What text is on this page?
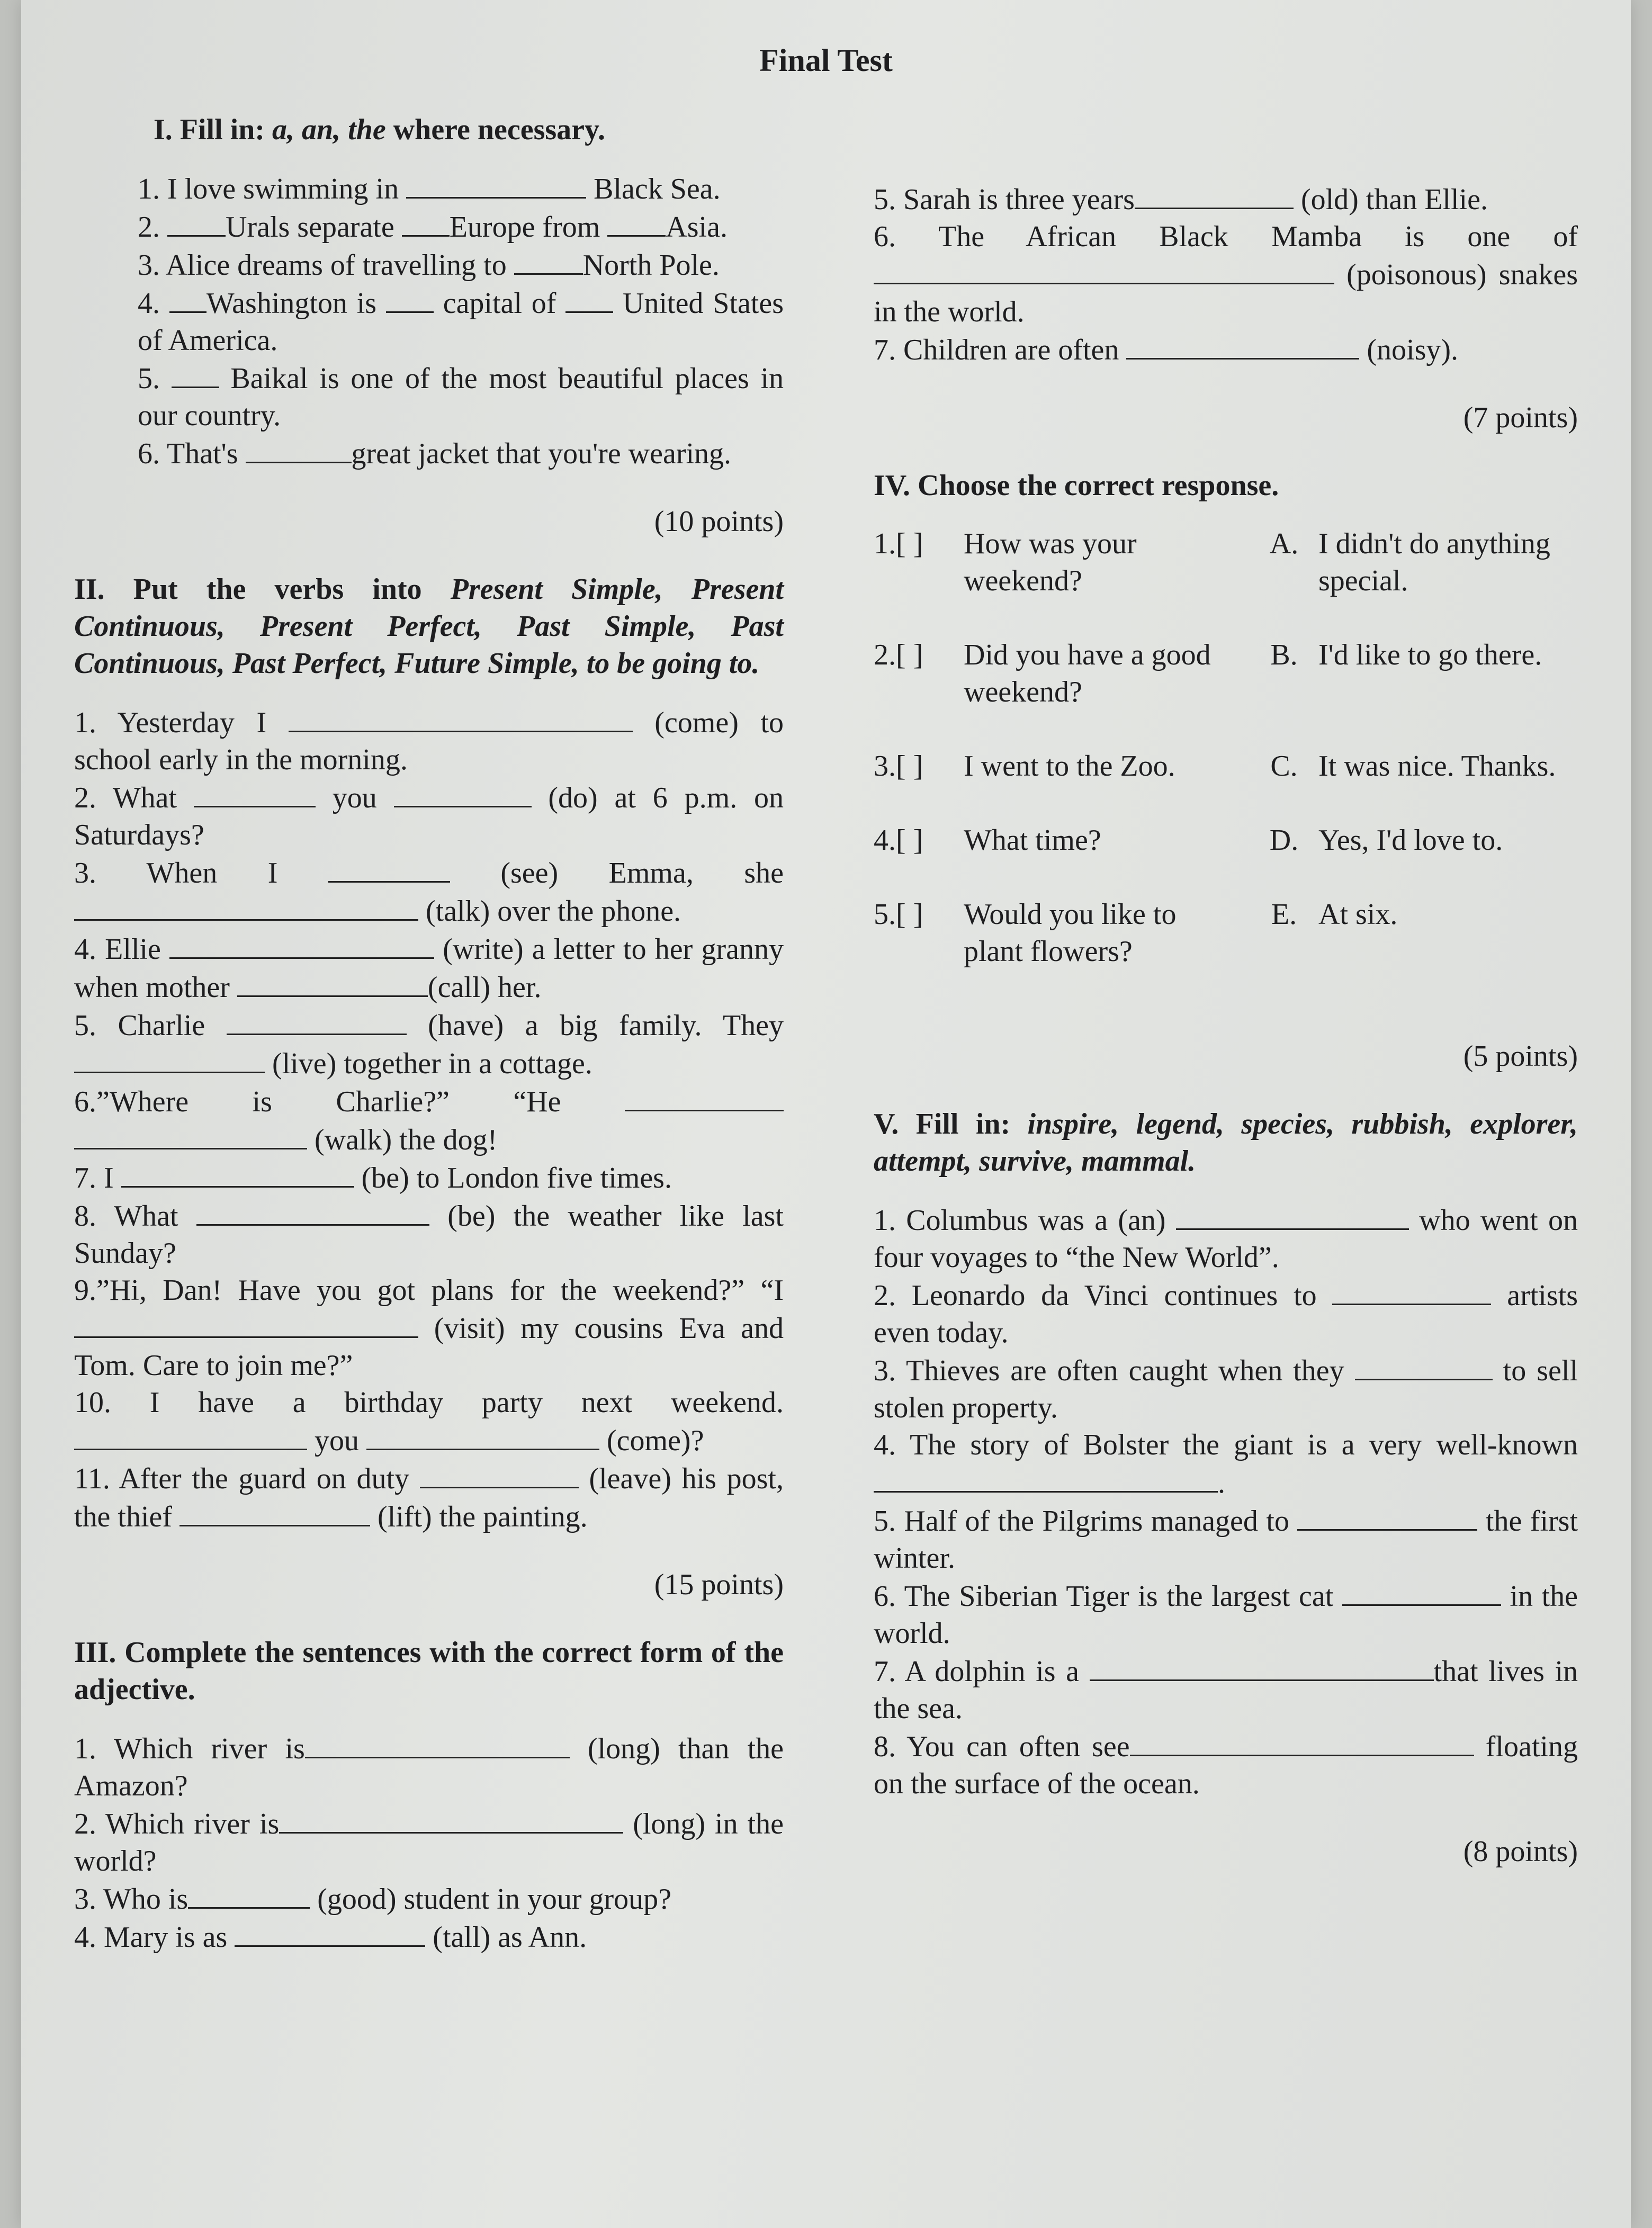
Final Test

I. Fill in: a, an, the where necessary.

1. I love swimming in	Black Sea.

2. Urals separate Europe from Asia.

3. Alice dreams of travelling to North Pole.

4. Washington is  capital of  United States of America.

5.  Baikal is one of the most beautiful places in our country.

6. That's	great jacket that you're wearing.

(10 points)

II. Put the verbs into Present Simple, Present Continuous, Present Perfect, Past Simple, Past Continuous, Past Perfect, Future Simple, to be going to.

1. Yesterday I	(come) to school early in the morning.

2. What	you	(do) at 6 p.m. on Saturdays?

3. When I	(see) Emma, she  (talk) over the phone.

4. Ellie	(write) a letter to her granny when mother	(call) her.

5. Charlie	(have) a big family. They  (live) together in a cottage.

6.”Where is Charlie?” “He   (walk) the dog!

7. I	(be) to London five times.

8. What	(be) the weather like last Sunday?

9.”Hi, Dan! Have you got plans for the weekend?” “I  (visit) my cousins Eva and Tom. Care to join me?”

10. I have a birthday party next weekend.  you	(come)?

11. After the guard on duty	(leave) his post, the thief	(lift) the painting.

(15 points)

III. Complete the sentences with the correct form of the adjective.

1. Which river is	(long) than the Amazon?

2. Which river is	(long) in the world?

3. Who is	(good) student in your group?

4. Mary is as	(tall) as Ann.

5. Sarah is three years	(old) than Ellie.

6. The African Black Mamba is one of (poisonous) snakes in the world.

7. Children are often	(noisy).

(7 points)

IV. Choose the correct response.

1.[ ]	How was your weekend?	A.	I didn't do anything special.
2.[ ]	Did you have a good weekend?	B.	I'd like to go there.
3.[ ]	I went to the Zoo.	C.	It was nice. Thanks.
4.[ ]	What time?	D.	Yes, I'd love to.
5.[ ]	Would you like to plant flowers?	E.	At six.

(5 points)

V. Fill in: inspire, legend, species, rubbish, explorer, attempt, survive, mammal.

1. Columbus was a (an)	who went on four voyages to “the New World”.

2. Leonardo da Vinci continues to	artists even today.

3. Thieves are often caught when they	to sell stolen property.

4. The story of Bolster the giant is a very well-known .

5. Half of the Pilgrims managed to	the first winter.

6. The Siberian Tiger is the largest cat	in the world.

7. A dolphin is a	that lives in the sea.

8. You can often see	floating on the surface of the ocean.

(8 points)
